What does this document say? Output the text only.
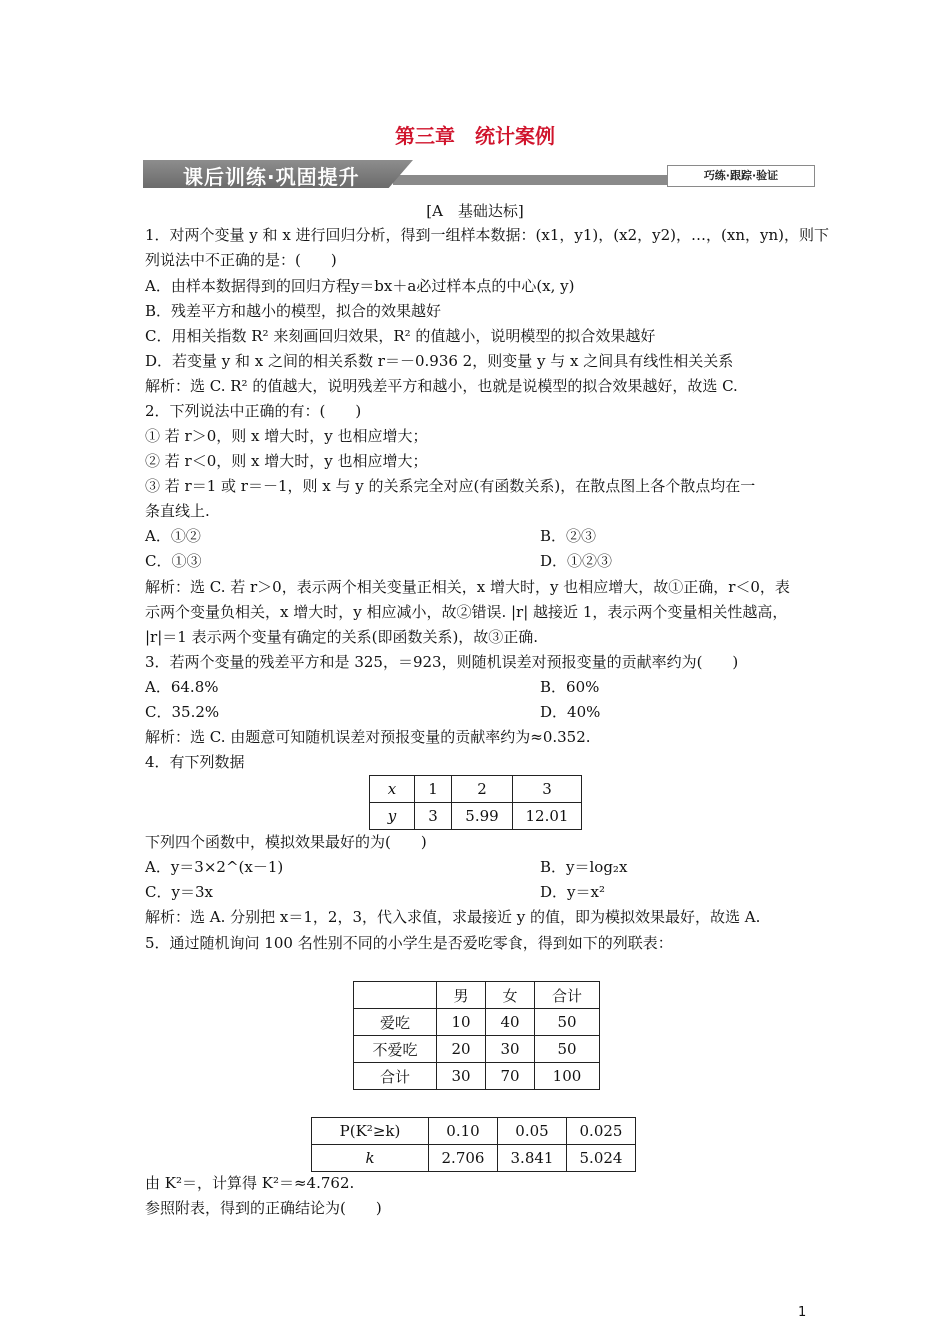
第三章　统计案例
课后训练·巩固提升	巧练·跟踪·验证
[A　基础达标]
1．对两个变量 y 和 x 进行回归分析，得到一组样本数据：(x1，y1)，(x2，y2)，…，(xn，yn)，则下
列说法中不正确的是：(　　)
A．由样本数据得到的回归方程y＝bx＋a必过样本点的中心(x, y)
B．残差平方和越小的模型，拟合的效果越好
C．用相关指数 R² 来刻画回归效果，R² 的值越小，说明模型的拟合效果越好
D．若变量 y 和 x 之间的相关系数 r＝－0.936 2，则变量 y 与 x 之间具有线性相关关系
解析：选 C. R² 的值越大，说明残差平方和越小，也就是说模型的拟合效果越好，故选 C.
2．下列说法中正确的有：(　　)
① 若 r＞0，则 x 增大时，y 也相应增大；
② 若 r＜0，则 x 增大时，y 也相应增大；
③ 若 r＝1 或 r＝－1，则 x 与 y 的关系完全对应(有函数关系)，在散点图上各个散点均在一
条直线上.
A．①②	B．②③
C．①③	D．①②③
解析：选 C. 若 r＞0，表示两个相关变量正相关，x 增大时，y 也相应增大，故①正确，r＜0，表
示两个变量负相关，x 增大时，y 相应减小，故②错误. |r| 越接近 1，表示两个变量相关性越高，
|r|＝1 表示两个变量有确定的关系(即函数关系)，故③正确.
3．若两个变量的残差平方和是 325，＝923，则随机误差对预报变量的贡献率约为(　　)
A．64.8%	B．60%
C．35.2%	D．40%
解析：选 C. 由题意可知随机误差对预报变量的贡献率约为≈0.352.
4．有下列数据
x	1	2	3
y	3	5.99	12.01
下列四个函数中，模拟效果最好的为(　　)
A．y＝3×2^(x－1)	B．y＝log₂x
C．y＝3x	D．y＝x²
解析：选 A. 分别把 x＝1，2，3，代入求值，求最接近 y 的值，即为模拟效果最好，故选 A.
5．通过随机询问 100 名性别不同的小学生是否爱吃零食，得到如下的列联表：
	男	女	合计
爱吃	10	40	50
不爱吃	20	30	50
合计	30	70	100
P(K²≥k)	0.10	0.05	0.025
k	2.706	3.841	5.024
由 K²＝，计算得 K²＝≈4.762.
参照附表，得到的正确结论为(　　)
1
